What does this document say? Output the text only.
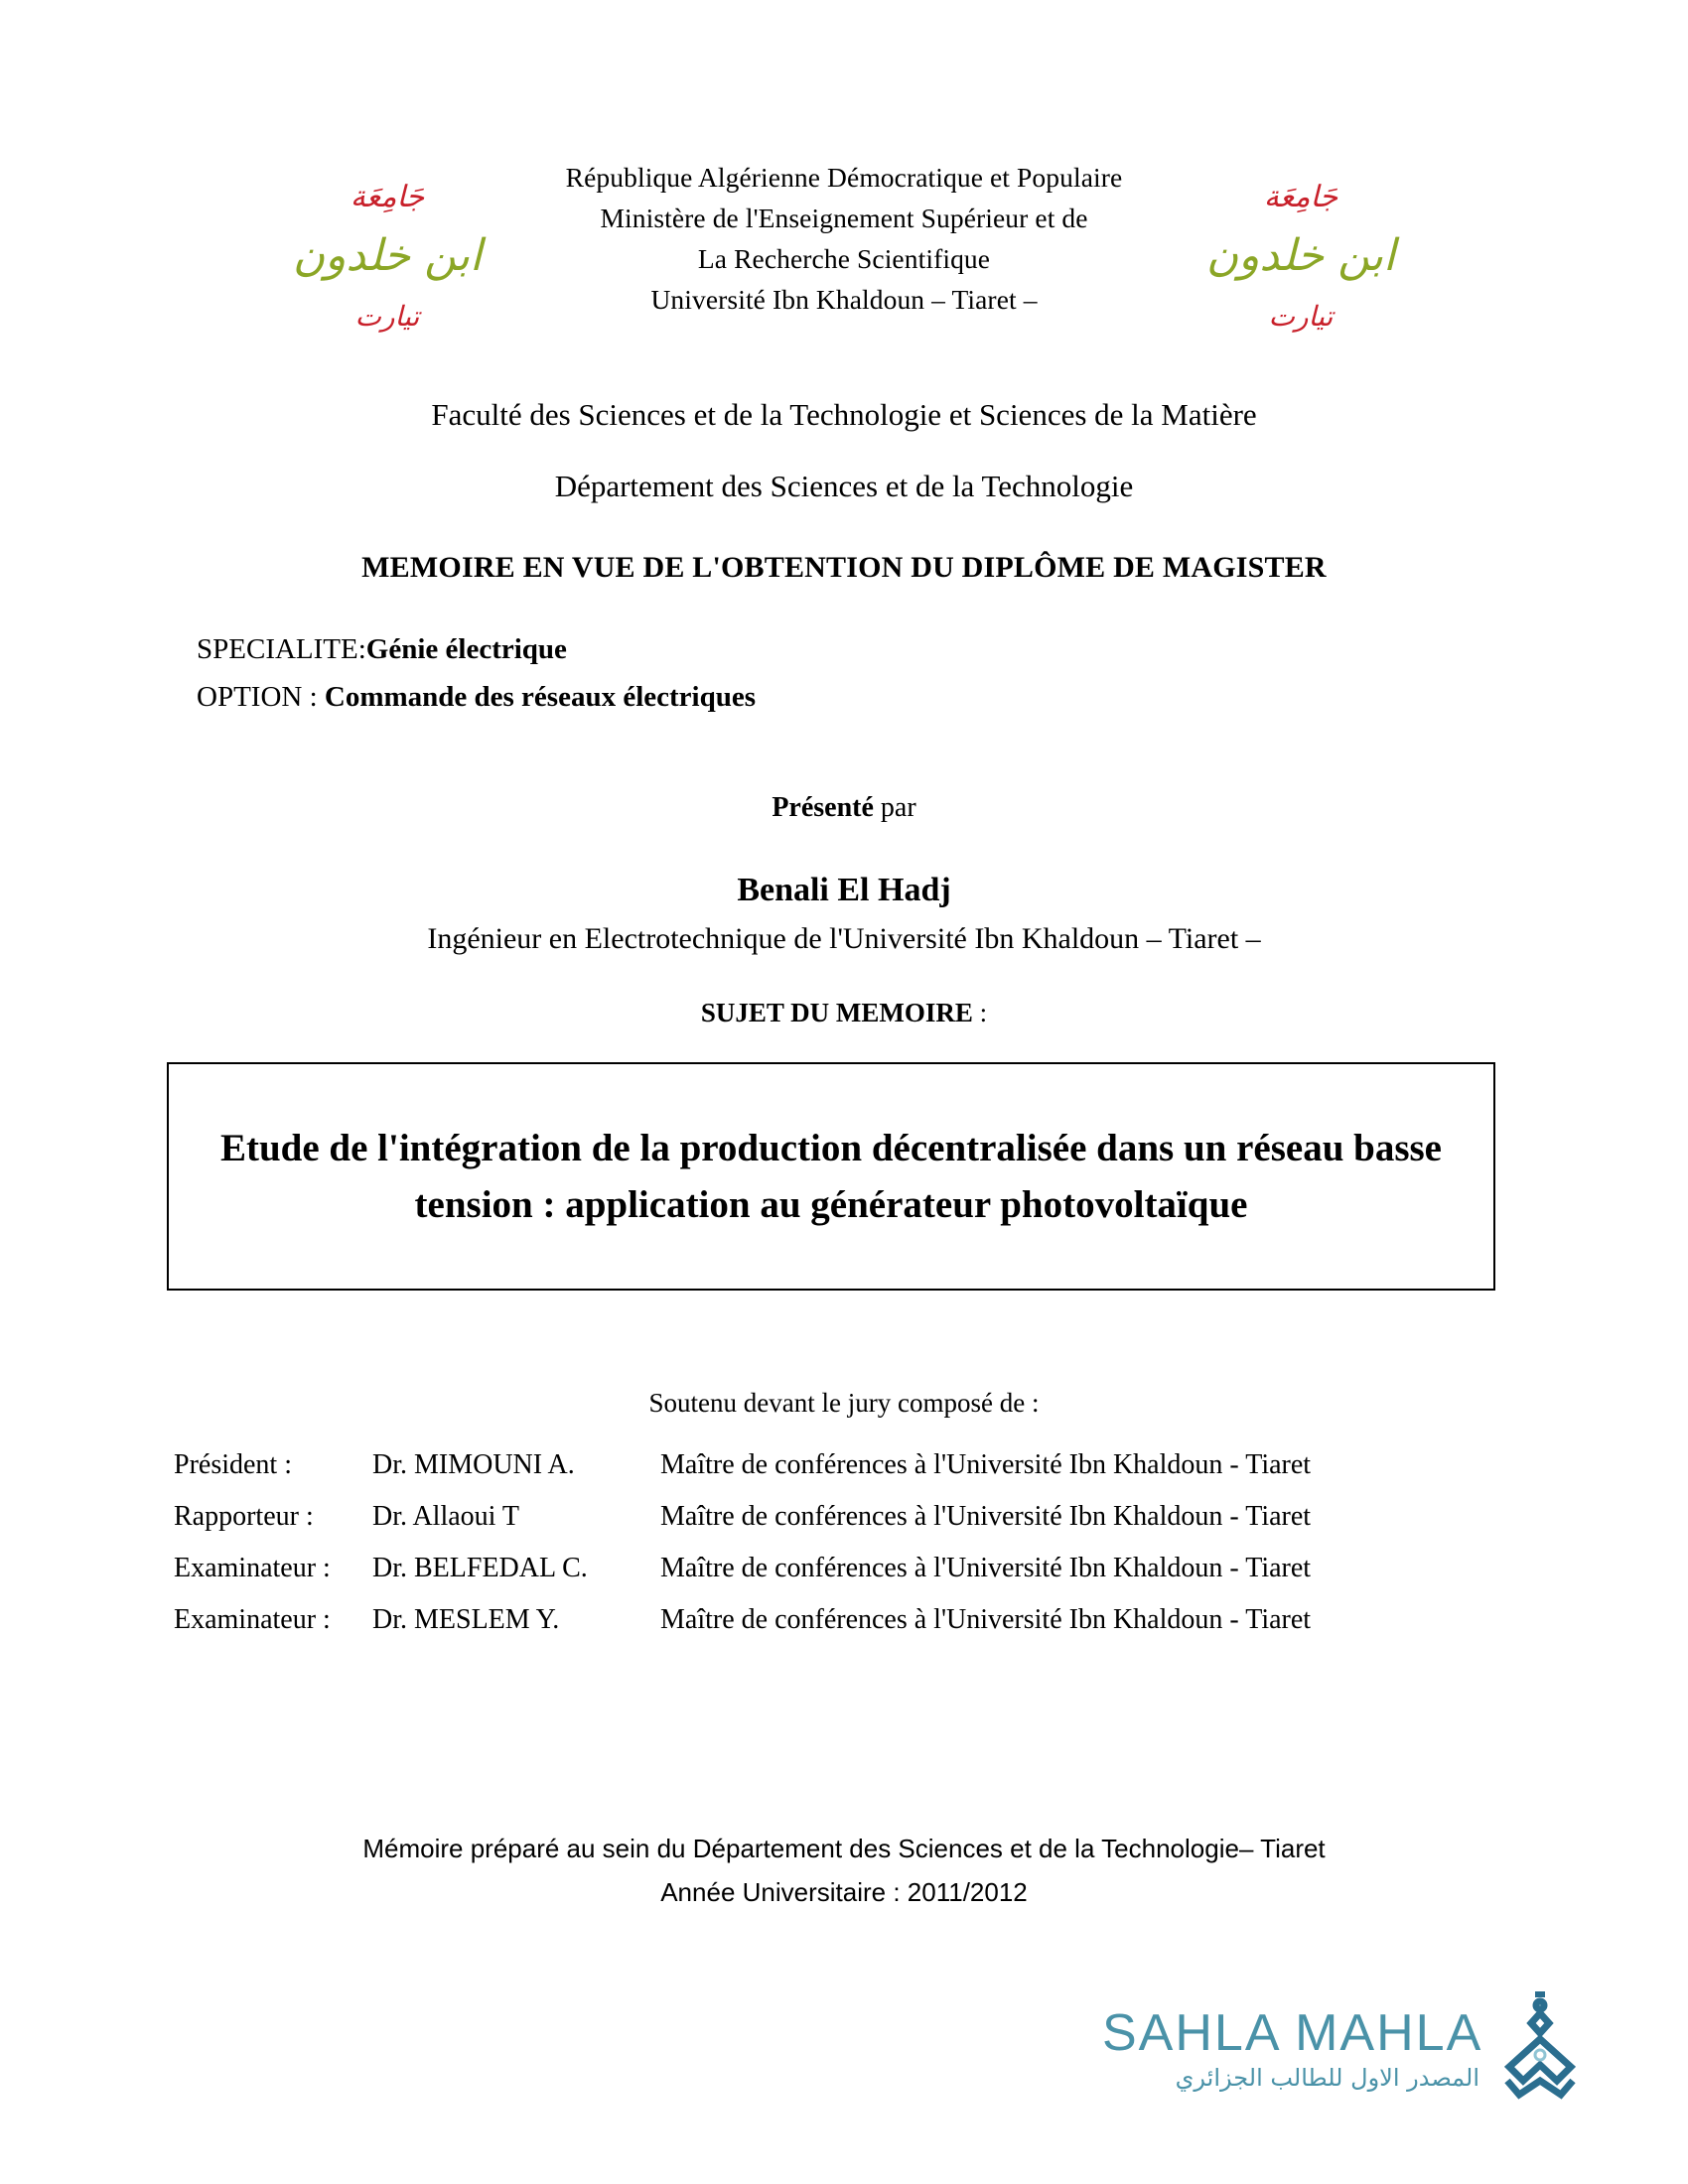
جَامِعَة
ابن خلدون
تيارت
République Algérienne Démocratique et Populaire
Ministère de l'Enseignement Supérieur et de
La Recherche Scientifique
Université Ibn Khaldoun – Tiaret –
جَامِعَة
ابن خلدون
تيارت
Faculté des Sciences et de la Technologie et Sciences de la Matière
Département des Sciences et de la Technologie
MEMOIRE EN VUE DE L'OBTENTION DU DIPLÔME DE MAGISTER
SPECIALITE:Génie électrique
OPTION : Commande des réseaux électriques
Présenté par
Benali El Hadj
Ingénieur en Electrotechnique de l'Université Ibn Khaldoun – Tiaret –
SUJET DU MEMOIRE :
Etude de l'intégration de la production décentralisée dans un réseau basse tension : application au générateur photovoltaïque
Soutenu devant le jury composé de :
Président :	Dr. MIMOUNI A.	Maître de conférences à l'Université Ibn Khaldoun - Tiaret
Rapporteur :	Dr. Allaoui T	Maître de conférences à l'Université Ibn Khaldoun - Tiaret
Examinateur :	Dr. BELFEDAL C.	Maître de conférences à l'Université Ibn Khaldoun - Tiaret
Examinateur :	Dr. MESLEM Y.	Maître de conférences à l'Université Ibn Khaldoun - Tiaret
Mémoire préparé au sein du Département des Sciences et de la Technologie– Tiaret
Année Universitaire : 2011/2012
SAHLA MAHLA
المصدر الاول للطالب الجزائري
